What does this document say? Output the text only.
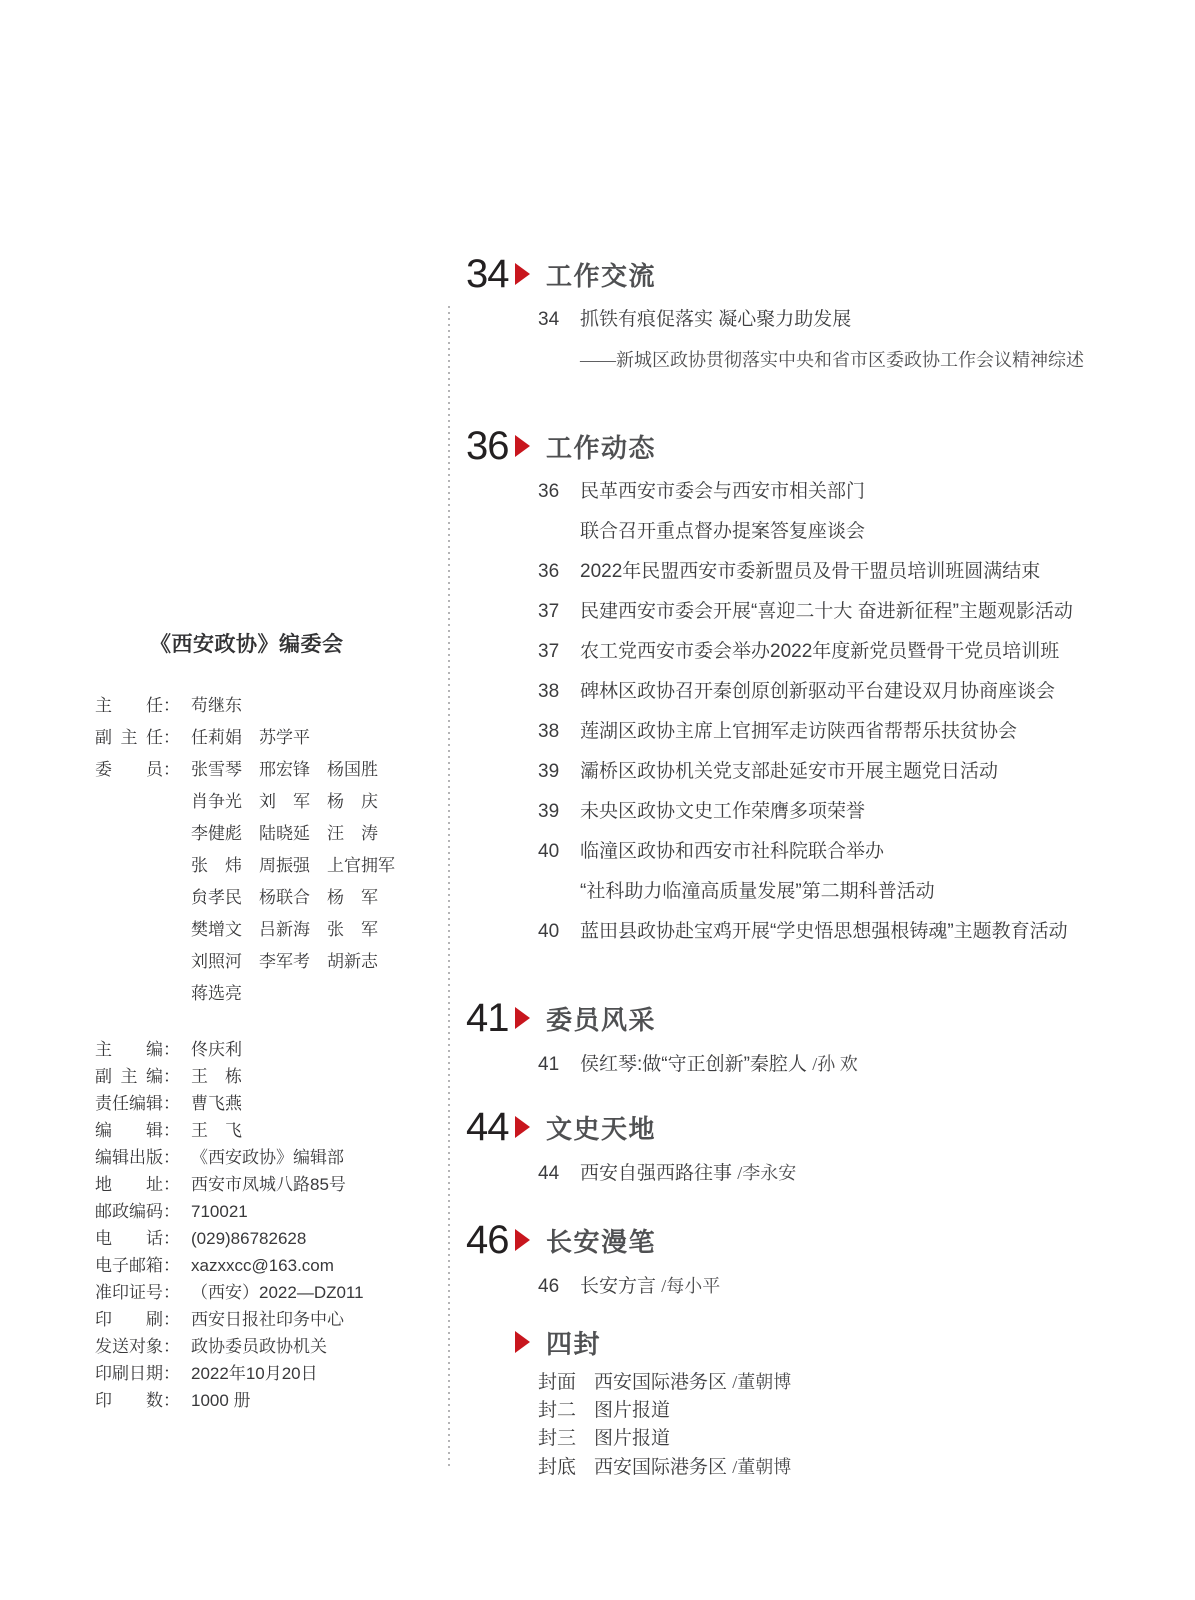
《西安政协》编委会
主任： 苟继东
副主任： 任莉娟　苏学平
委员： 张雪琴　邢宏锋　杨国胜
肖争光　刘　军　杨　庆
李健彪　陆晓延　汪　涛
张　炜　周振强　上官拥军
贠孝民　杨联合　杨　军
樊增文　吕新海　张　军
刘照河　李军考　胡新志
蒋选亮
主编： 佟庆利
副主编： 王　栋
责任编辑： 曹飞燕
编辑： 王　飞
编辑出版： 《西安政协》编辑部
地址： 西安市凤城八路85号
邮政编码： 710021
电话： (029)86782628
电子邮箱： xazxxcc@163.com
准印证号： （西安）2022—DZ011
印刷： 西安日报社印务中心
发送对象： 政协委员政协机关
印刷日期： 2022年10月20日
印数： 1000 册
34 工作交流
34	抓铁有痕促落实 凝心聚力助发展
——新城区政协贯彻落实中央和省市区委政协工作会议精神综述
36 工作动态
36	民革西安市委会与西安市相关部门
联合召开重点督办提案答复座谈会
36	2022年民盟西安市委新盟员及骨干盟员培训班圆满结束
37	民建西安市委会开展“喜迎二十大 奋进新征程”主题观影活动
37	农工党西安市委会举办2022年度新党员暨骨干党员培训班
38	碑林区政协召开秦创原创新驱动平台建设双月协商座谈会
38	莲湖区政协主席上官拥军走访陕西省帮帮乐扶贫协会
39	灞桥区政协机关党支部赴延安市开展主题党日活动
39	未央区政协文史工作荣膺多项荣誉
40	临潼区政协和西安市社科院联合举办
“社科助力临潼高质量发展”第二期科普活动
40	蓝田县政协赴宝鸡开展“学史悟思想强根铸魂”主题教育活动
41 委员风采
41	侯红琴:做“守正创新”秦腔人 /孙 欢
44 文史天地
44	西安自强西路往事 /李永安
46 长安漫笔
46	长安方言 /每小平
四封
封面 西安国际港务区 /董朝博
封二 图片报道
封三 图片报道
封底 西安国际港务区 /董朝博
